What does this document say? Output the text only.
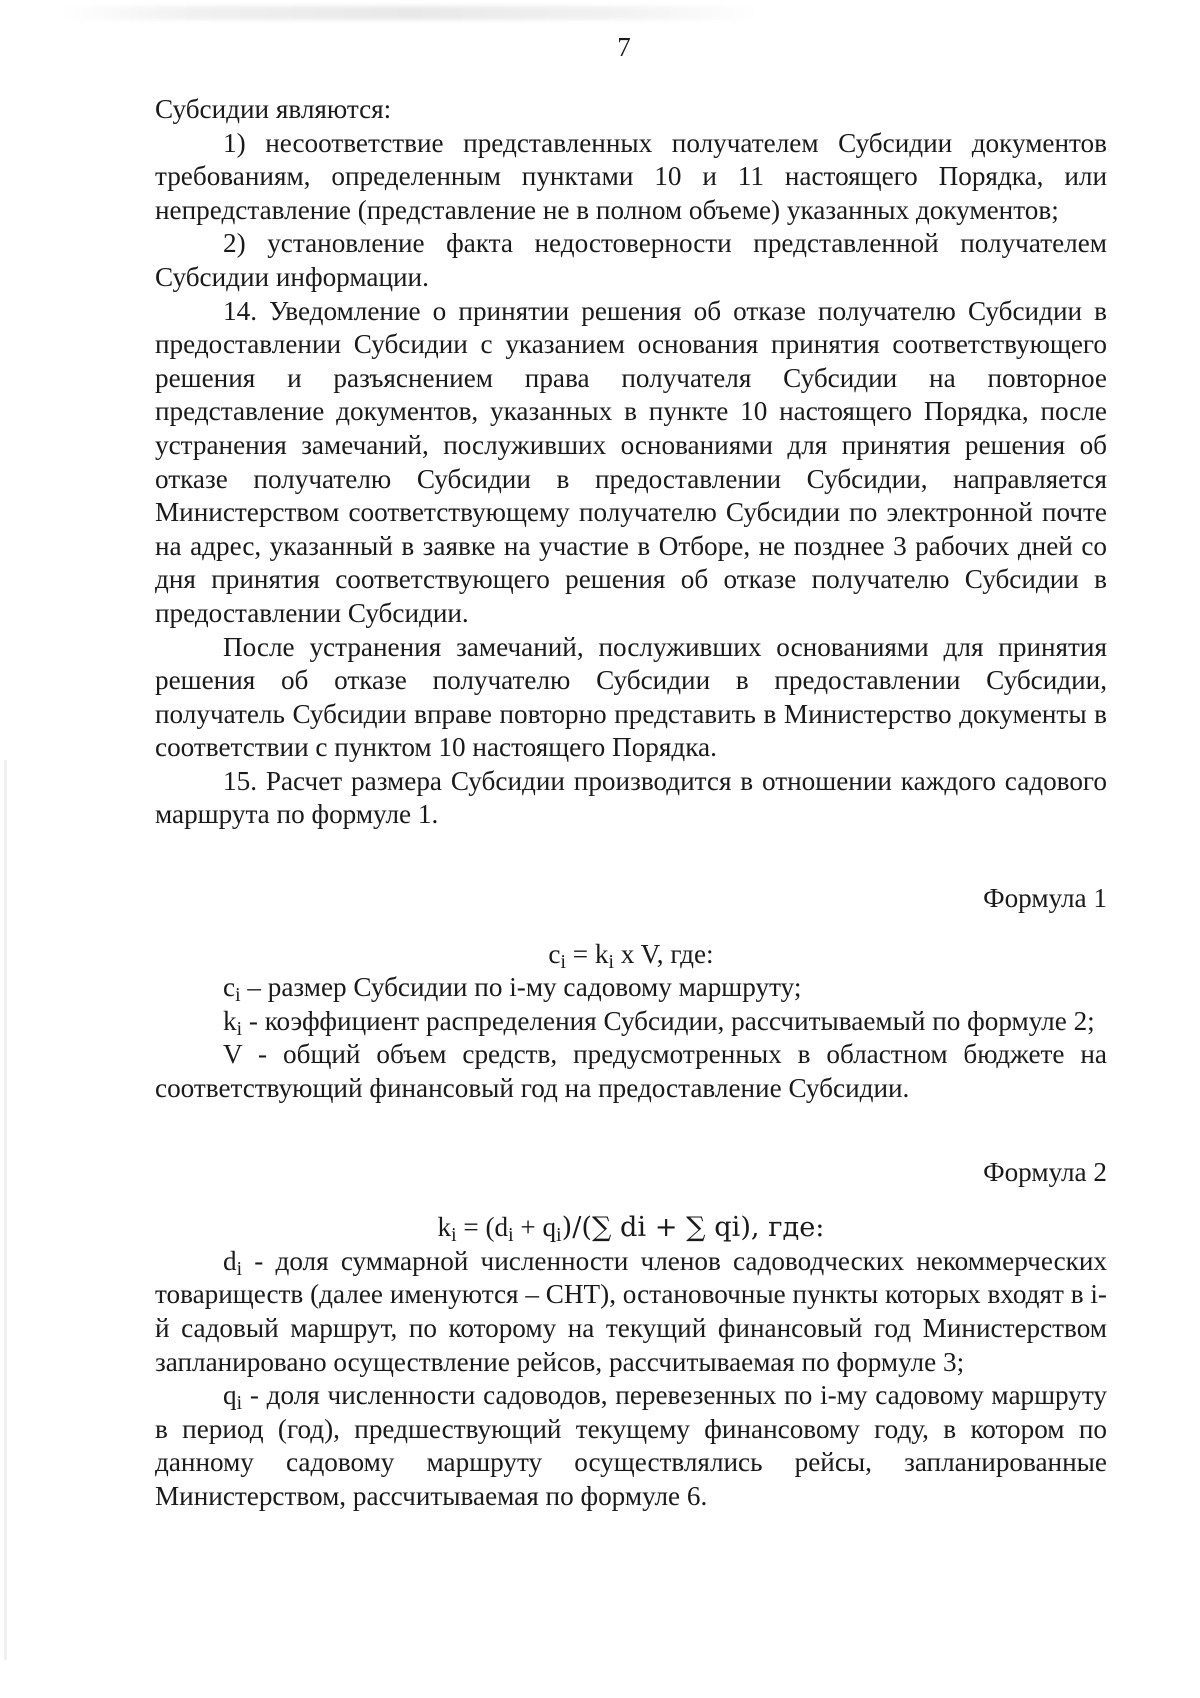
7

Субсидии являются:

1) несоответствие представленных получателем Субсидии документов требованиям, определенным пунктами 10 и 11 настоящего Порядка, или непредставление (представление не в полном объеме) указанных документов;

2) установление факта недостоверности представленной получателем Субсидии информации.

14. Уведомление о принятии решения об отказе получателю Субсидии в предоставлении Субсидии с указанием основания принятия соответствующего решения и разъяснением права получателя Субсидии на повторное представление документов, указанных в пункте 10 настоящего Порядка, после устранения замечаний, послуживших основаниями для принятия решения об отказе получателю Субсидии в предоставлении Субсидии, направляется Министерством соответствующему получателю Субсидии по электронной почте на адрес, указанный в заявке на участие в Отборе, не позднее 3 рабочих дней со дня принятия соответствующего решения об отказе получателю Субсидии в предоставлении Субсидии.

После устранения замечаний, послуживших основаниями для принятия решения об отказе получателю Субсидии в предоставлении Субсидии, получатель Субсидии вправе повторно представить в Министерство документы в соответствии с пунктом 10 настоящего Порядка.

15. Расчет размера Субсидии производится в отношении каждого садового маршрута по формуле 1.

Формула 1

$c_i = k_i$ x V, где:

$c_i$ – размер Субсидии по i-му садовому маршруту;

$k_i$ - коэффициент распределения Субсидии, рассчитываемый по формуле 2;

V - общий объем средств, предусмотренных в областном бюджете на соответствующий финансовый год на предоставление Субсидии.

Формула 2

$k_i = (d_i + q_i)/(\sum$ di + ∑ qi), где:

$d_i$ - доля суммарной численности членов садоводческих некоммерческих товариществ (далее именуются – СНТ), остановочные пункты которых входят в i-й садовый маршрут, по которому на текущий финансовый год Министерством запланировано осуществление рейсов, рассчитываемая по формуле 3;

$q_i$ - доля численности садоводов, перевезенных по i-му садовому маршруту в период (год), предшествующий текущему финансовому году, в котором по данному садовому маршруту осуществлялись рейсы, запланированные Министерством, рассчитываемая по формуле 6.
